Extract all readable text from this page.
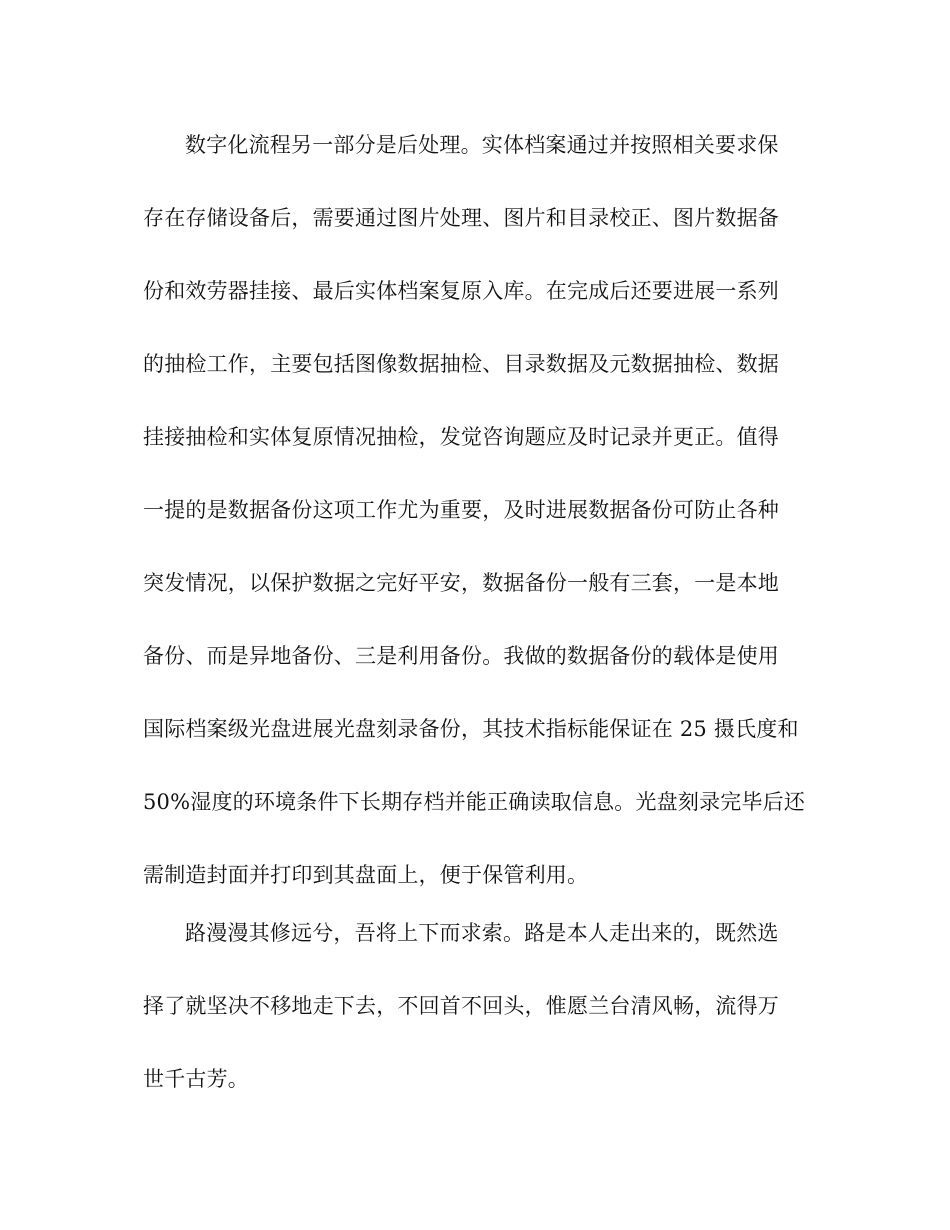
数字化流程另一部分是后处理。实体档案通过并按照相关要求保
存在存储设备后，需要通过图片处理、图片和目录校正、图片数据备
份和效劳器挂接、最后实体档案复原入库。在完成后还要进展一系列
的抽检工作，主要包括图像数据抽检、目录数据及元数据抽检、数据
挂接抽检和实体复原情况抽检，发觉咨询题应及时记录并更正。值得
一提的是数据备份这项工作尤为重要，及时进展数据备份可防止各种
突发情况，以保护数据之完好平安，数据备份一般有三套，一是本地
备份、而是异地备份、三是利用备份。我做的数据备份的载体是使用
国际档案级光盘进展光盘刻录备份，其技术指标能保证在 25 摄氏度和
50%湿度的环境条件下长期存档并能正确读取信息。光盘刻录完毕后还
需制造封面并打印到其盘面上，便于保管利用。
路漫漫其修远兮，吾将上下而求索。路是本人走出来的，既然选
择了就坚决不移地走下去，不回首不回头，惟愿兰台清风畅，流得万
世千古芳。
